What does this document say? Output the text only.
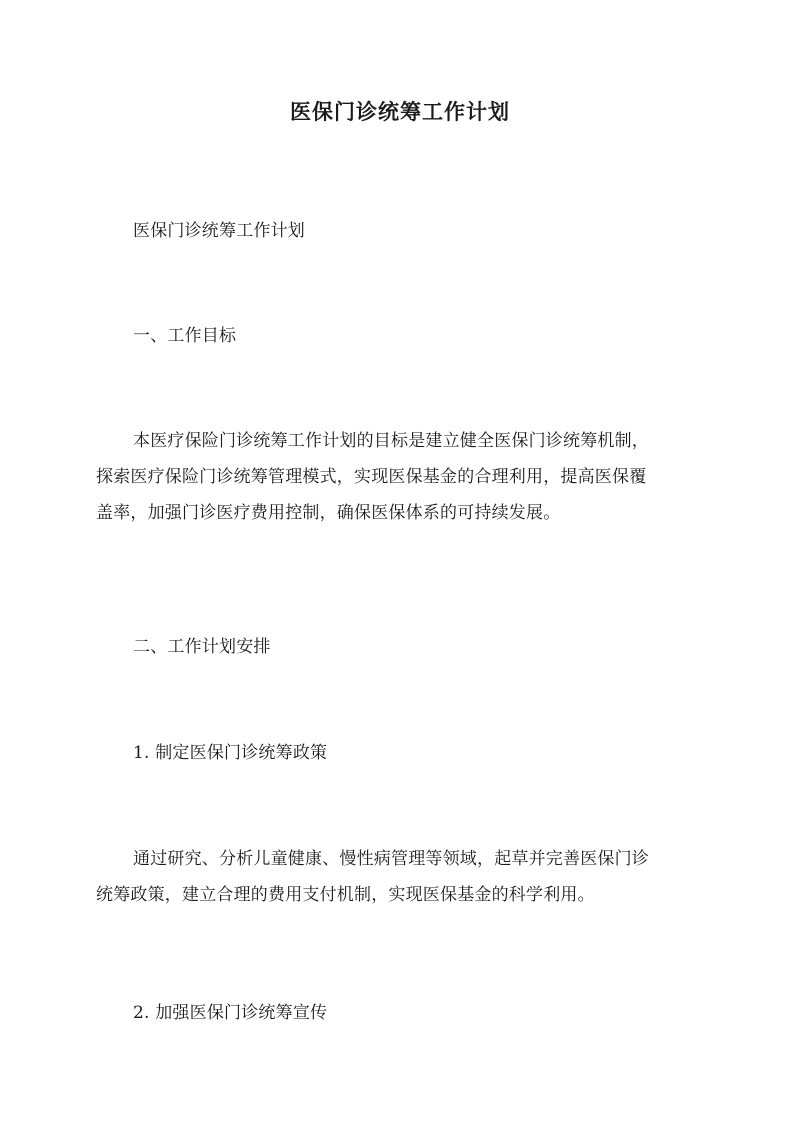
医保门诊统筹工作计划
医保门诊统筹工作计划
一、工作目标
本医疗保险门诊统筹工作计划的目标是建立健全医保门诊统筹机制，
探索医疗保险门诊统筹管理模式，实现医保基金的合理利用，提高医保覆
盖率，加强门诊医疗费用控制，确保医保体系的可持续发展。
二、工作计划安排
1. 制定医保门诊统筹政策
通过研究、分析儿童健康、慢性病管理等领域，起草并完善医保门诊
统筹政策，建立合理的费用支付机制，实现医保基金的科学利用。
2. 加强医保门诊统筹宣传
